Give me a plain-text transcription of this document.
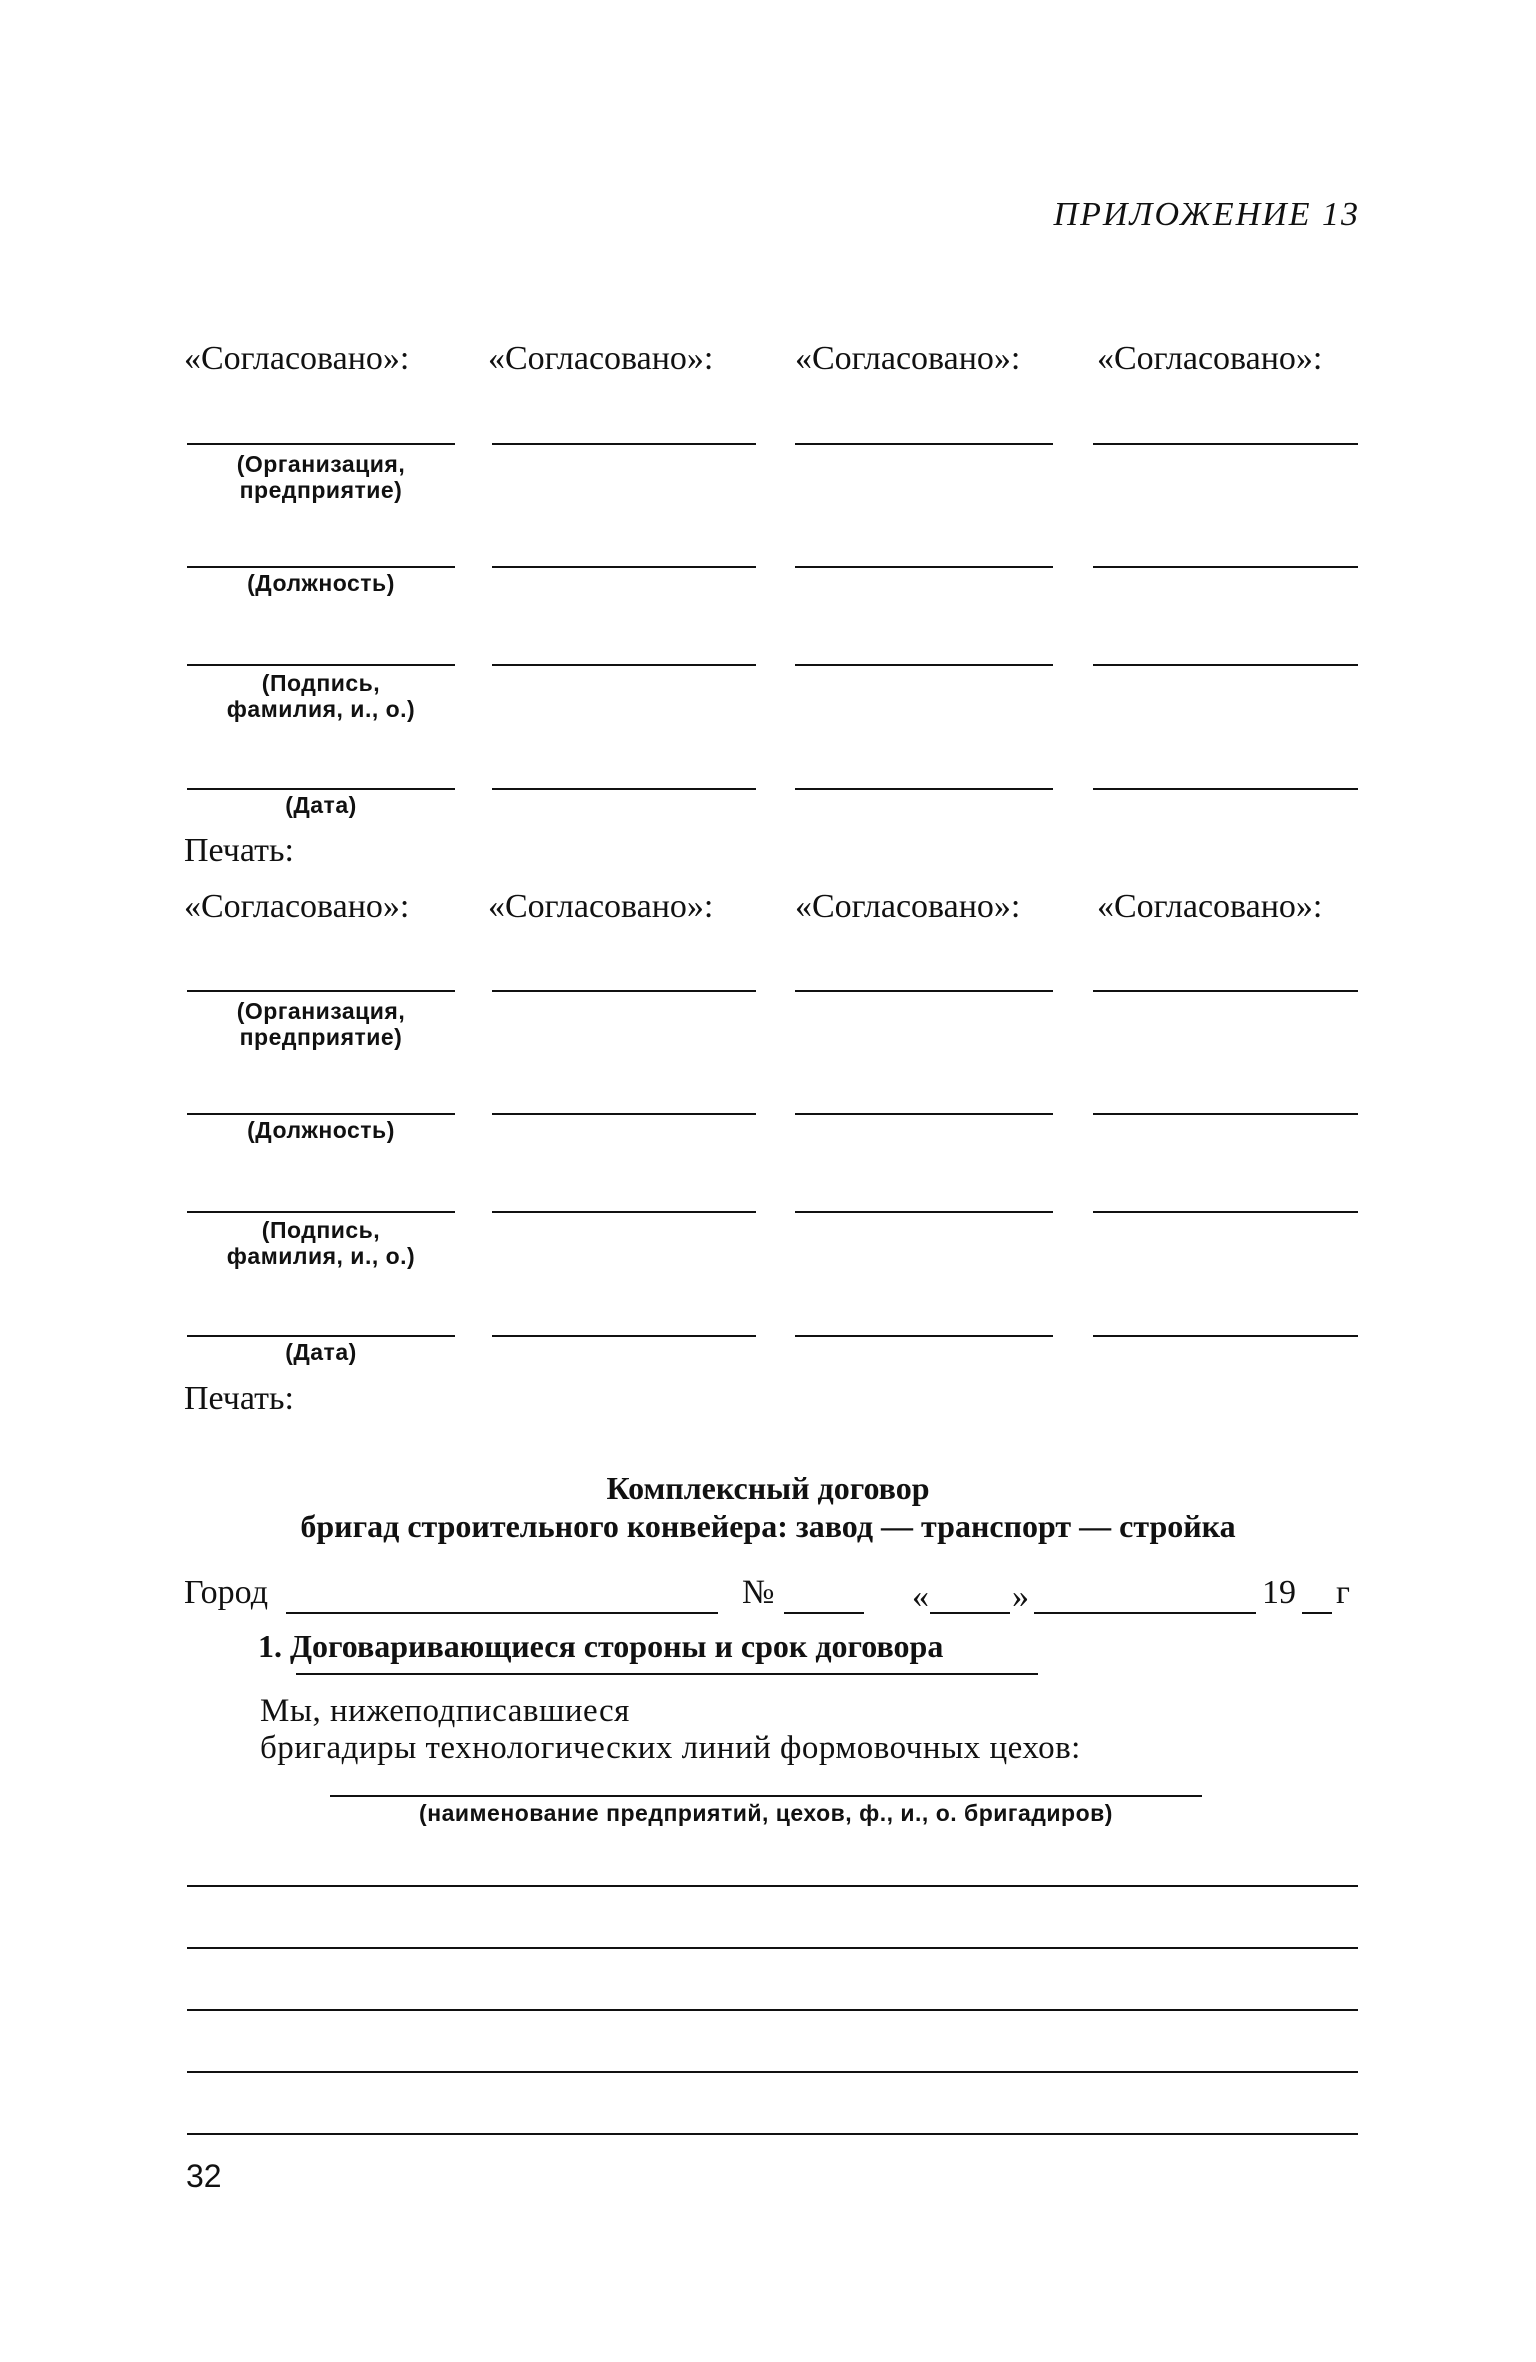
ПРИЛОЖЕНИЕ 13
«Согласовано»: «Согласовано»: «Согласовано»: «Согласовано»:
(Организация,
предприятие)
(Должность)
(Подпись,
фамилия, и., о.)
(Дата)
Печать:
«Согласовано»: «Согласовано»: «Согласовано»: «Согласовано»:
(Организация,
предприятие)
(Должность)
(Подпись,
фамилия, и., о.)
(Дата)
Печать:
Комплексный договор
бригад строительного конвейера: завод — транспорт — стройка
Город	№	« »	19 г
1. Договаривающиеся стороны и срок договора
Мы, нижеподписавшиеся
бригадиры технологических линий формовочных цехов:
(наименование предприятий, цехов, ф., и., о. бригадиров)
32
